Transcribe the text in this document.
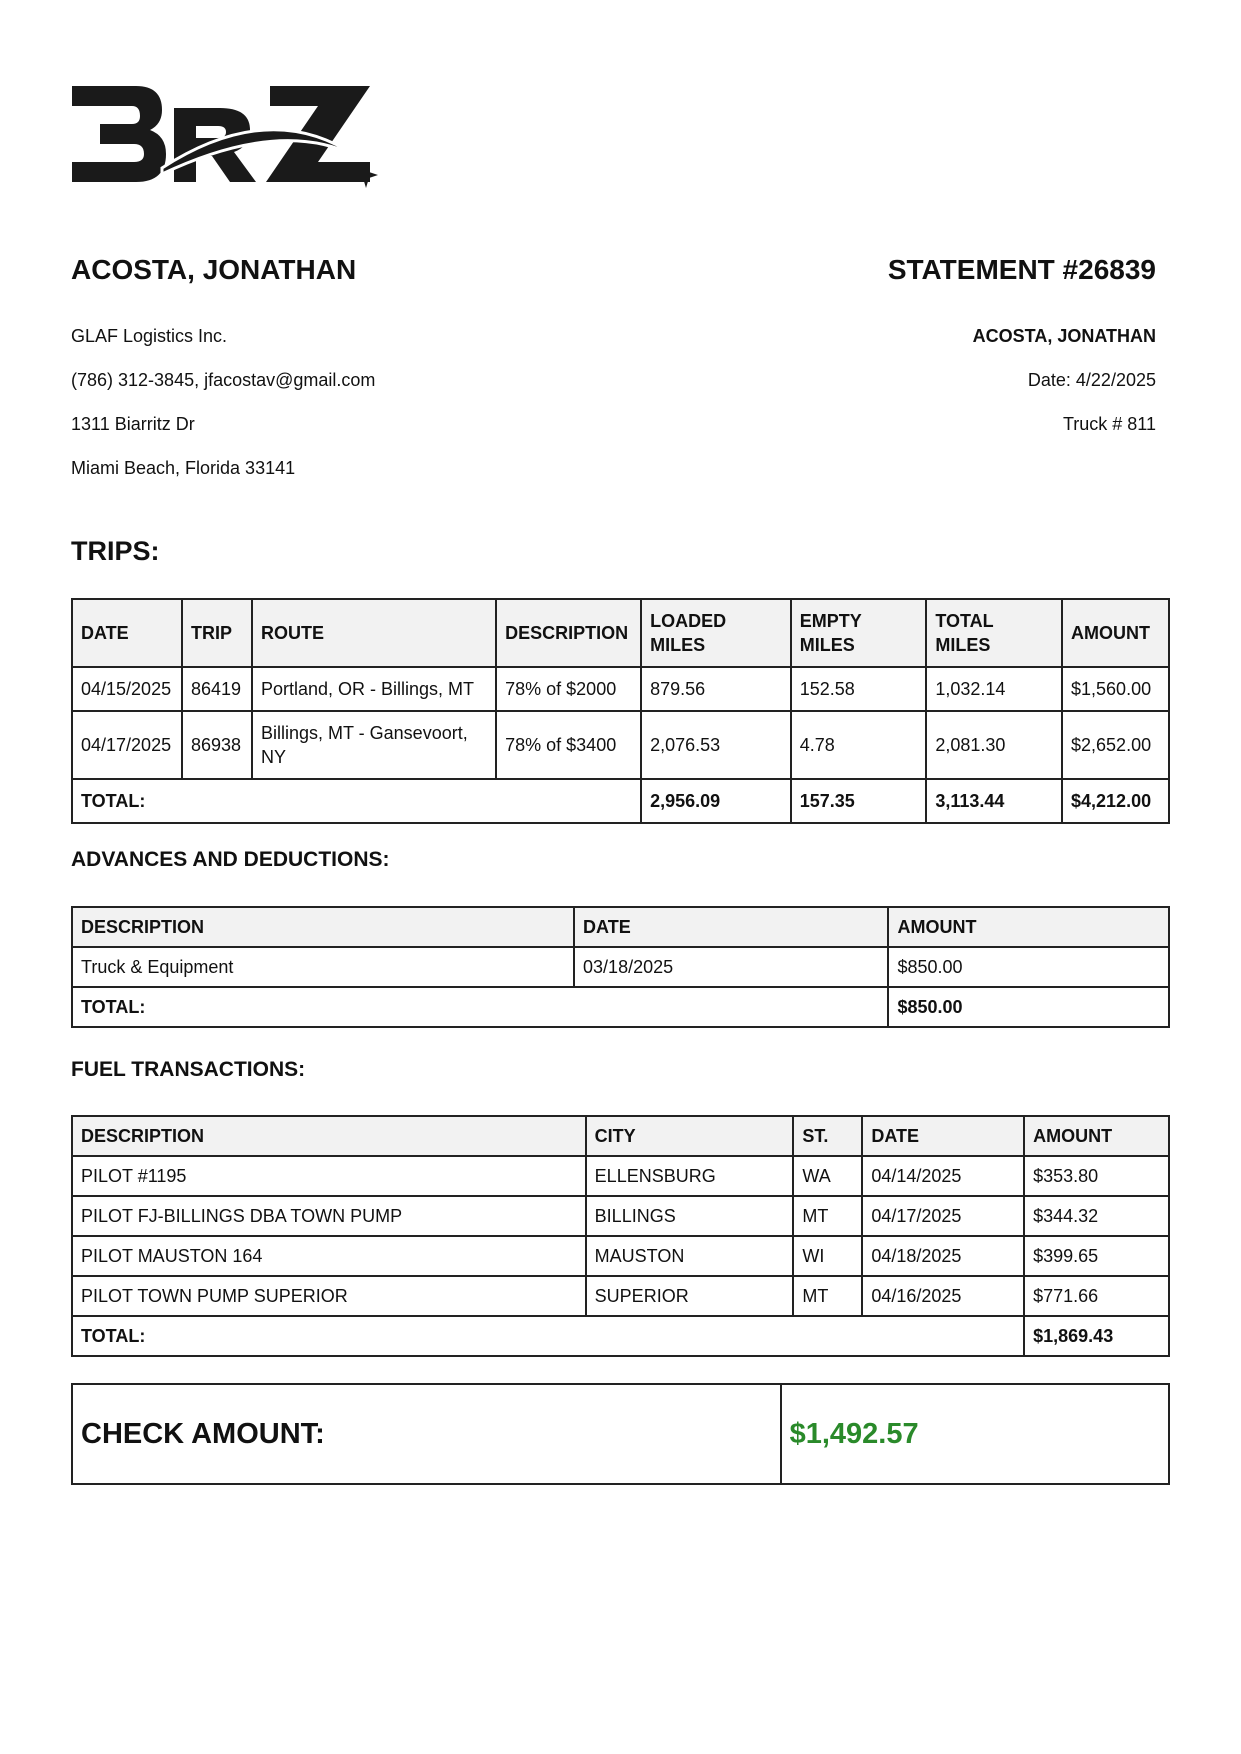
ACOSTA, JONATHAN	STATEMENT #26839
GLAF Logistics Inc.
(786) 312-3845, jfacostav@gmail.com
1311 Biarritz Dr
Miami Beach, Florida 33141
ACOSTA, JONATHAN
Date: 4/22/2025
Truck # 811
TRIPS:
DATE	TRIP	ROUTE	DESCRIPTION	LOADED MILES	EMPTY MILES	TOTAL MILES	AMOUNT
04/15/2025	86419	Portland, OR - Billings, MT	78% of $2000	879.56	152.58	1,032.14	$1,560.00
04/17/2025	86938	Billings, MT - Gansevoort, NY	78% of $3400	2,076.53	4.78	2,081.30	$2,652.00
TOTAL:				2,956.09	157.35	3,113.44	$4,212.00
ADVANCES AND DEDUCTIONS:
DESCRIPTION	DATE	AMOUNT
Truck & Equipment	03/18/2025	$850.00
TOTAL:		$850.00
FUEL TRANSACTIONS:
DESCRIPTION	CITY	ST.	DATE	AMOUNT
PILOT #1195	ELLENSBURG	WA	04/14/2025	$353.80
PILOT FJ-BILLINGS DBA TOWN PUMP	BILLINGS	MT	04/17/2025	$344.32
PILOT MAUSTON 164	MAUSTON	WI	04/18/2025	$399.65
PILOT TOWN PUMP SUPERIOR	SUPERIOR	MT	04/16/2025	$771.66
TOTAL:				$1,869.43
CHECK AMOUNT:	$1,492.57
